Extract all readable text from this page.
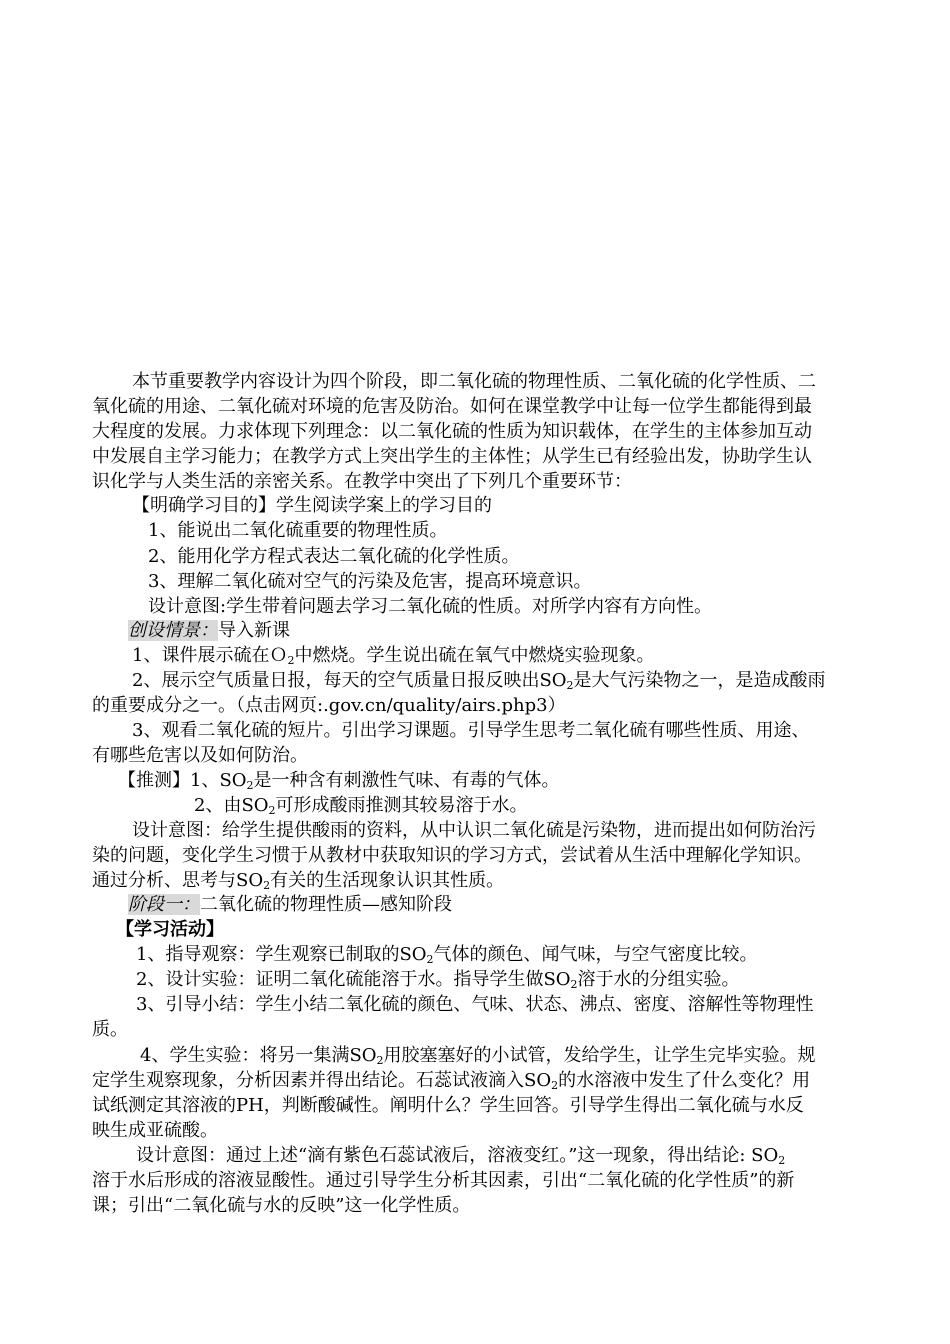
本节重要教学内容设计为四个阶段，即二氧化硫的物理性质、二氧化硫的化学性质、二
氧化硫的用途、二氧化硫对环境的危害及防治。如何在课堂教学中让每一位学生都能得到最
大程度的发展。力求体现下列理念：以二氧化硫的性质为知识载体，在学生的主体参加互动
中发展自主学习能力；在教学方式上突出学生的主体性；从学生已有经验出发，协助学生认
识化学与人类生活的亲密关系。在教学中突出了下列几个重要环节：
【明确学习目的】学生阅读学案上的学习目的
1、能说出二氧化硫重要的物理性质。
2、能用化学方程式表达二氧化硫的化学性质。
3、理解二氧化硫对空气的污染及危害，提高环境意识。
设计意图:学生带着问题去学习二氧化硫的性质。对所学内容有方向性。
创设情景：导入新课
1、课件展示硫在Ｏ$_2$中燃烧。学生说出硫在氧气中燃烧实验现象。
2、展示空气质量日报，每天的空气质量日报反映出$SO_2$是大气污染物之一，是造成酸雨
的重要成分之一。（点击网页:.gov.cn/quality/airs.php3）
3、观看二氧化硫的短片。引出学习课题。引导学生思考二氧化硫有哪些性质、用途、
有哪些危害以及如何防治。
【推测】1、$SO_2$是一种含有刺激性气味、有毒的气体。
2、由$SO_2$可形成酸雨推测其较易溶于水。
设计意图：给学生提供酸雨的资料，从中认识二氧化硫是污染物，进而提出如何防治污
染的问题，变化学生习惯于从教材中获取知识的学习方式，尝试着从生活中理解化学知识。
通过分析、思考与$SO_2$有关的生活现象认识其性质。
阶段一：二氧化硫的物理性质—感知阶段
【学习活动】
1、指导观察：学生观察已制取的$SO_2$气体的颜色、闻气味，与空气密度比较。
2、设计实验：证明二氧化硫能溶于水。指导学生做$SO_2$溶于水的分组实验。
3、引导小结：学生小结二氧化硫的颜色、气味、状态、沸点、密度、溶解性等物理性
质。
4、学生实验：将另一集满$SO_2$用胶塞塞好的小试管，发给学生，让学生完毕实验。规
定学生观察现象，分析因素并得出结论。石蕊试液滴入$SO_2$的水溶液中发生了什么变化？用
试纸测定其溶液的PH，判断酸碱性。阐明什么？学生回答。引导学生得出二氧化硫与水反
映生成亚硫酸。
设计意图：通过上述“滴有紫色石蕊试液后，溶液变红。”这一现象，得出结论: $SO_2$
溶于水后形成的溶液显酸性。通过引导学生分析其因素，引出“二氧化硫的化学性质”的新
课；引出“二氧化硫与水的反映”这一化学性质。
